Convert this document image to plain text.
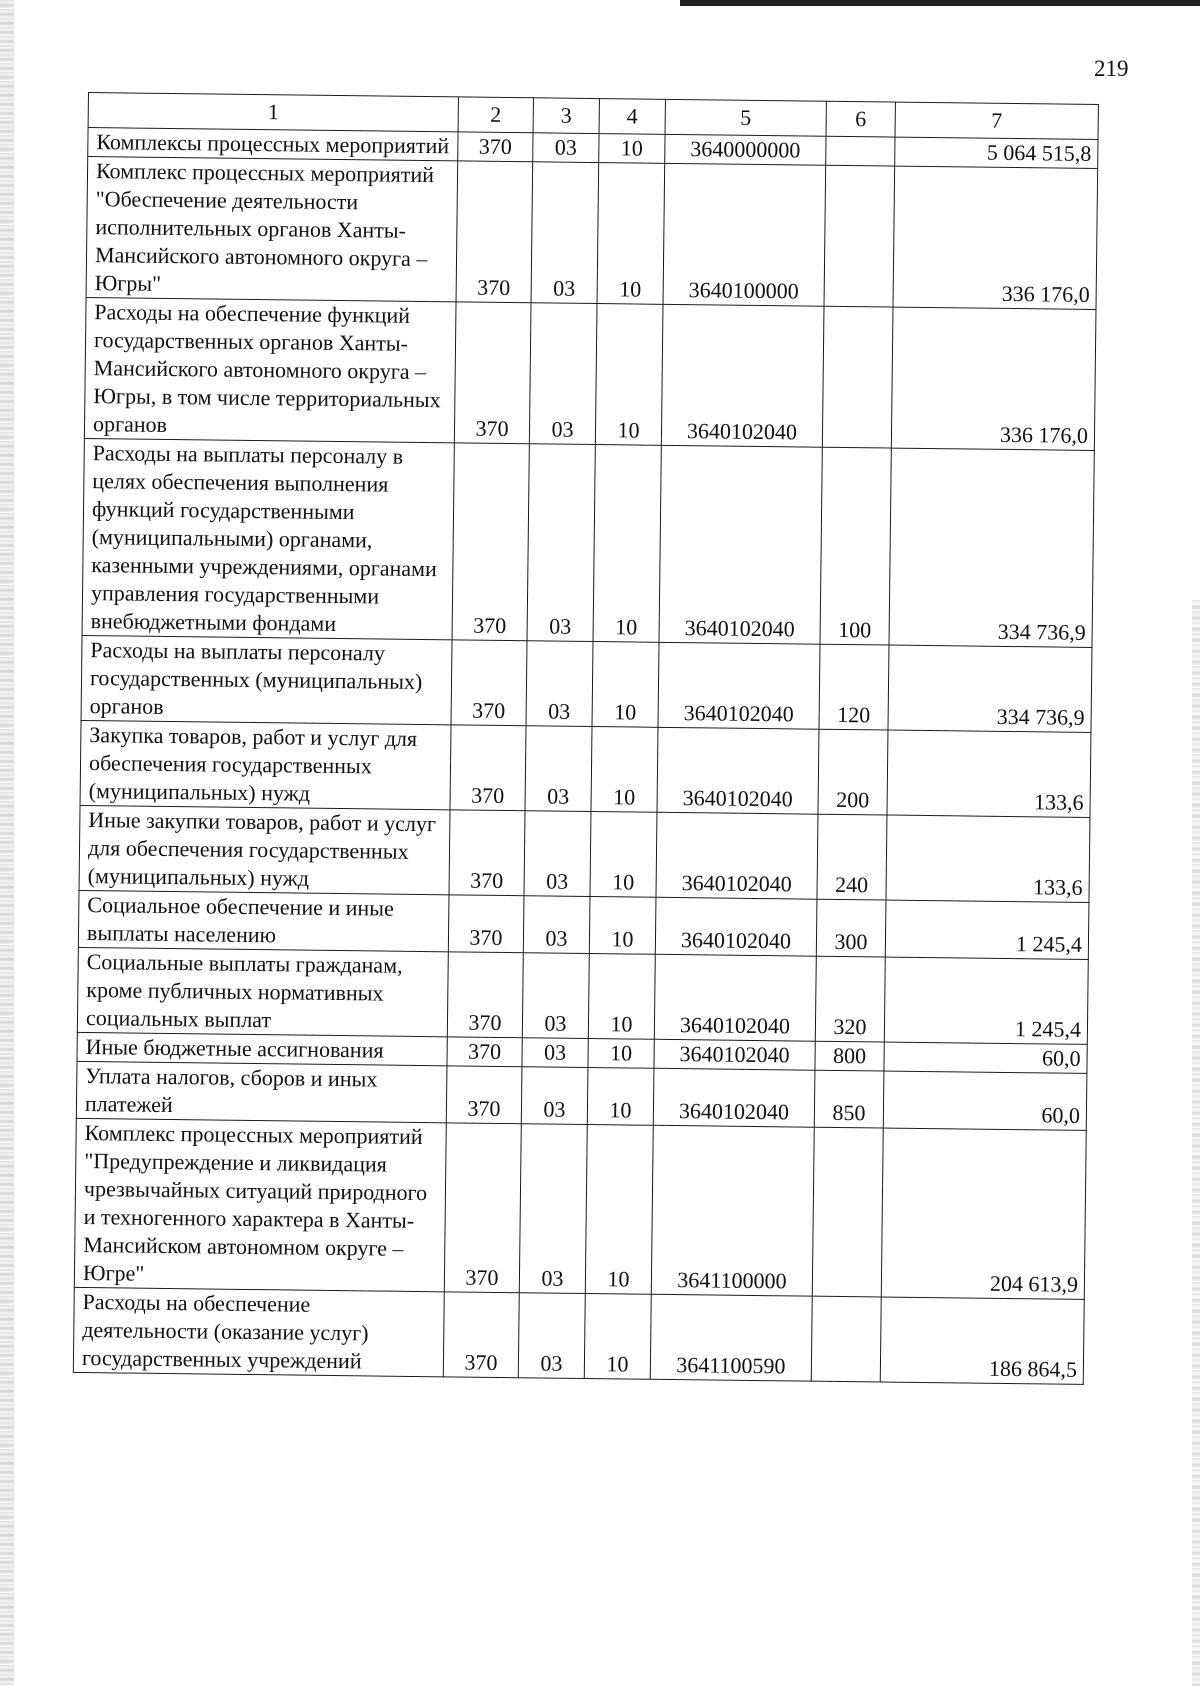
219
1	2	3	4	5	6	7
Комплексы процессных мероприятий	370	03	10	3640000000		5 064 515,8
Комплекс процессных мероприятий "Обеспечение деятельности исполнительных органов Ханты-Мансийского автономного округа – Югры"	370	03	10	3640100000		336 176,0
Расходы на обеспечение функций государственных органов Ханты-Мансийского автономного округа – Югры, в том числе территориальных органов	370	03	10	3640102040		336 176,0
Расходы на выплаты персоналу в целях обеспечения выполнения функций государственными (муниципальными) органами, казенными учреждениями, органами управления государственными внебюджетными фондами	370	03	10	3640102040	100	334 736,9
Расходы на выплаты персоналу государственных (муниципальных) органов	370	03	10	3640102040	120	334 736,9
Закупка товаров, работ и услуг для обеспечения государственных (муниципальных) нужд	370	03	10	3640102040	200	133,6
Иные закупки товаров, работ и услуг для обеспечения государственных (муниципальных) нужд	370	03	10	3640102040	240	133,6
Социальное обеспечение и иные выплаты населению	370	03	10	3640102040	300	1 245,4
Социальные выплаты гражданам, кроме публичных нормативных социальных выплат	370	03	10	3640102040	320	1 245,4
Иные бюджетные ассигнования	370	03	10	3640102040	800	60,0
Уплата налогов, сборов и иных платежей	370	03	10	3640102040	850	60,0
Комплекс процессных мероприятий "Предупреждение и ликвидация чрезвычайных ситуаций природного и техногенного характера в Ханты-Мансийском автономном округе – Югре"	370	03	10	3641100000		204 613,9
Расходы на обеспечение деятельности (оказание услуг) государственных учреждений	370	03	10	3641100590		186 864,5
